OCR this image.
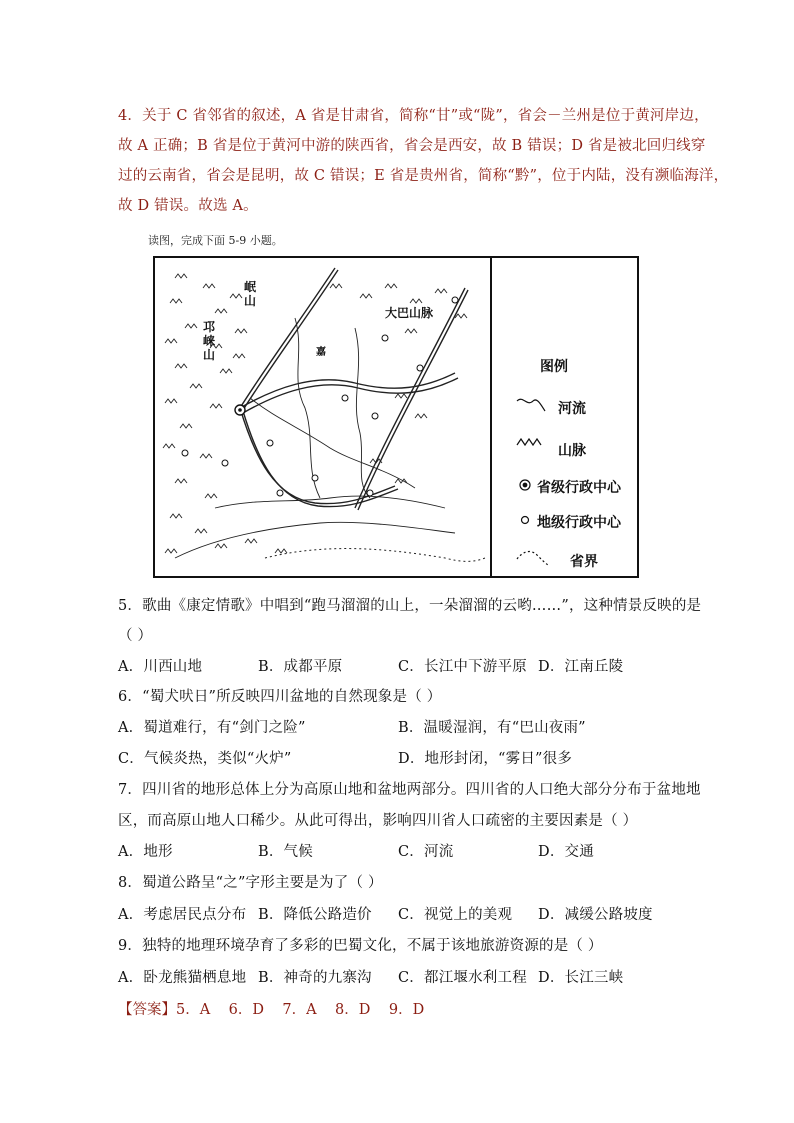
4．关于 C 省邻省的叙述，A 省是甘肃省，简称“甘”或“陇”，省会－兰州是位于黄河岸边，
故 A 正确；B 省是位于黄河中游的陕西省，省会是西安，故 B 错误；D 省是被北回归线穿
过的云南省，省会是昆明，故 C 错误；E 省是贵州省，简称“黔”，位于内陆，没有濒临海洋，
故 D 错误。故选 A。
读图，完成下面 5-9 小题。
岷山
邛崃山
大巴山脉
嘉
图例
河流
山脉
省级行政中心
地级行政中心
省界
5．歌曲《康定情歌》中唱到“跑马溜溜的山上，一朵溜溜的云哟……”，这种情景反映的是
（ ）
A．川西山地	B．成都平原	C．长江中下游平原 D．江南丘陵
6．“蜀犬吠日”所反映四川盆地的自然现象是（ ）
A．蜀道难行，有“剑门之险”	B．温暖湿润，有“巴山夜雨”
C．气候炎热，类似“火炉”	D．地形封闭，“雾日”很多
7．四川省的地形总体上分为高原山地和盆地两部分。四川省的人口绝大部分分布于盆地地
区，而高原山地人口稀少。从此可得出，影响四川省人口疏密的主要因素是（ ）
A．地形	B．气候	C．河流	D．交通
8．蜀道公路呈“之”字形主要是为了（ ）
A．考虑居民点分布 B．降低公路造价 C．视觉上的美观 D．减缓公路坡度
9．独特的地理环境孕育了多彩的巴蜀文化，不属于该地旅游资源的是（ ）
A．卧龙熊猫栖息地 B．神奇的九寨沟 C．都江堰水利工程 D．长江三峡
【答案】5．A    6．D    7．A    8．D    9．D
